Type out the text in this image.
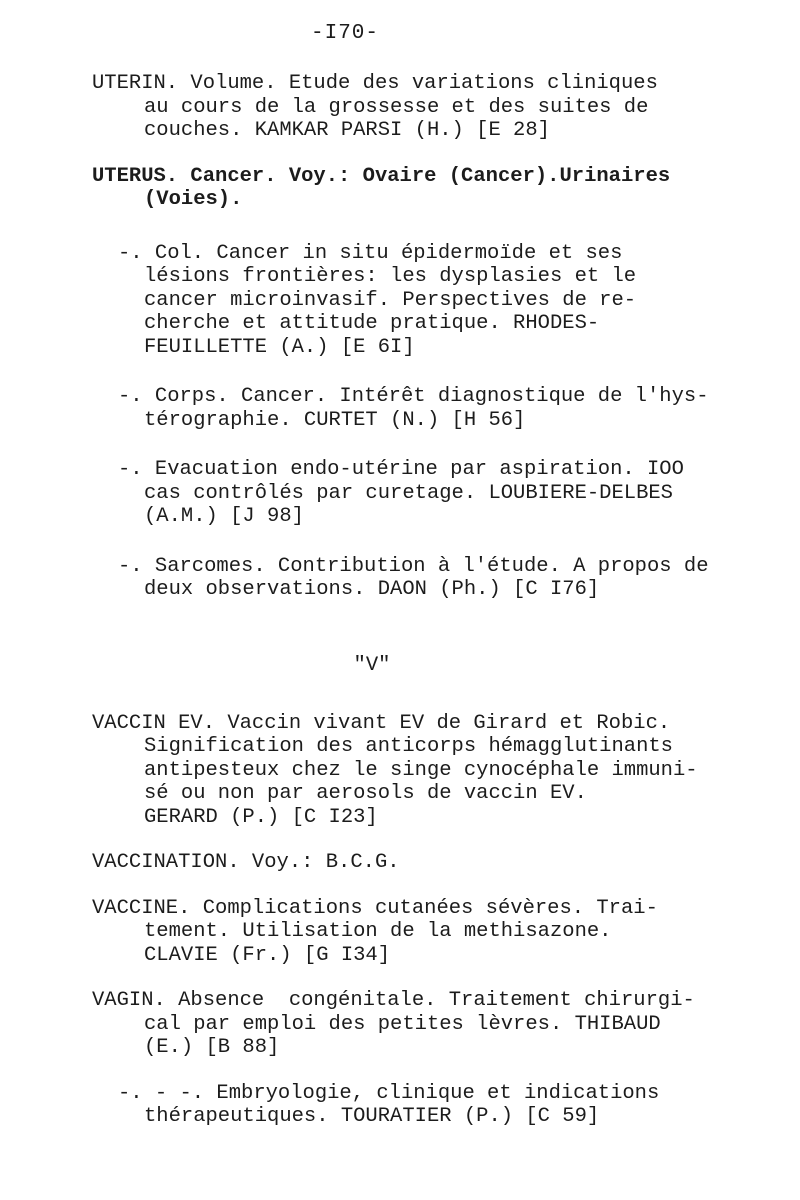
-I70-
UTERIN. Volume. Etude des variations cliniques
au cours de la grossesse et des suites de
couches. KAMKAR PARSI (H.) [E 28]
UTERUS. Cancer. Voy.: Ovaire (Cancer).Urinaires
(Voies).
-. Col. Cancer in situ épidermoïde et ses
lésions frontières: les dysplasies et le
cancer microinvasif. Perspectives de re-
cherche et attitude pratique. RHODES-
FEUILLETTE (A.) [E 6I]
-. Corps. Cancer. Intérêt diagnostique de l'hys-
térographie. CURTET (N.) [H 56]
-. Evacuation endo-utérine par aspiration. IOO
cas contrôlés par curetage. LOUBIERE-DELBES
(A.M.) [J 98]
-. Sarcomes. Contribution à l'étude. A propos de
deux observations. DAON (Ph.) [C I76]
"V"
VACCIN EV. Vaccin vivant EV de Girard et Robic.
Signification des anticorps hémagglutinants
antipesteux chez le singe cynocéphale immuni-
sé ou non par aerosols de vaccin EV.
GERARD (P.) [C I23]
VACCINATION. Voy.: B.C.G.
VACCINE. Complications cutanées sévères. Trai-
tement. Utilisation de la methisazone.
CLAVIE (Fr.) [G I34]
VAGIN. Absence  congénitale. Traitement chirurgi-
cal par emploi des petites lèvres. THIBAUD
(E.) [B 88]
-. - -. Embryologie, clinique et indications
thérapeutiques. TOURATIER (P.) [C 59]
